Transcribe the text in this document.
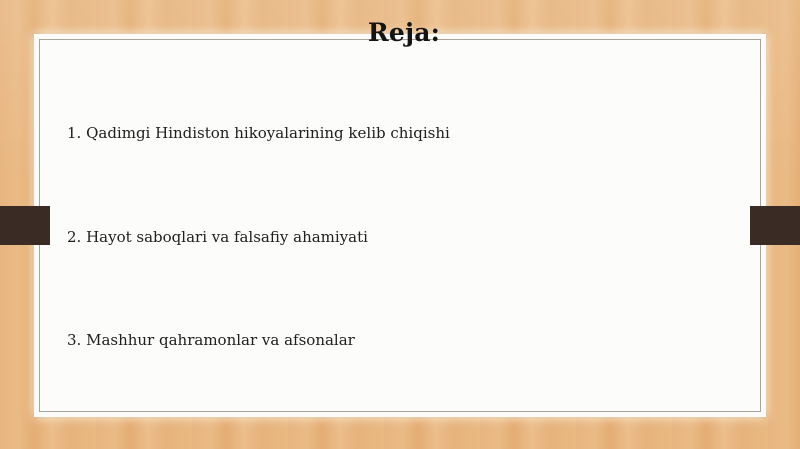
Reja:
1. Qadimgi Hindiston hikoyalarining kelib chiqishi
2. Hayot saboqlari va falsafiy ahamiyati
3. Mashhur qahramonlar va afsonalar
